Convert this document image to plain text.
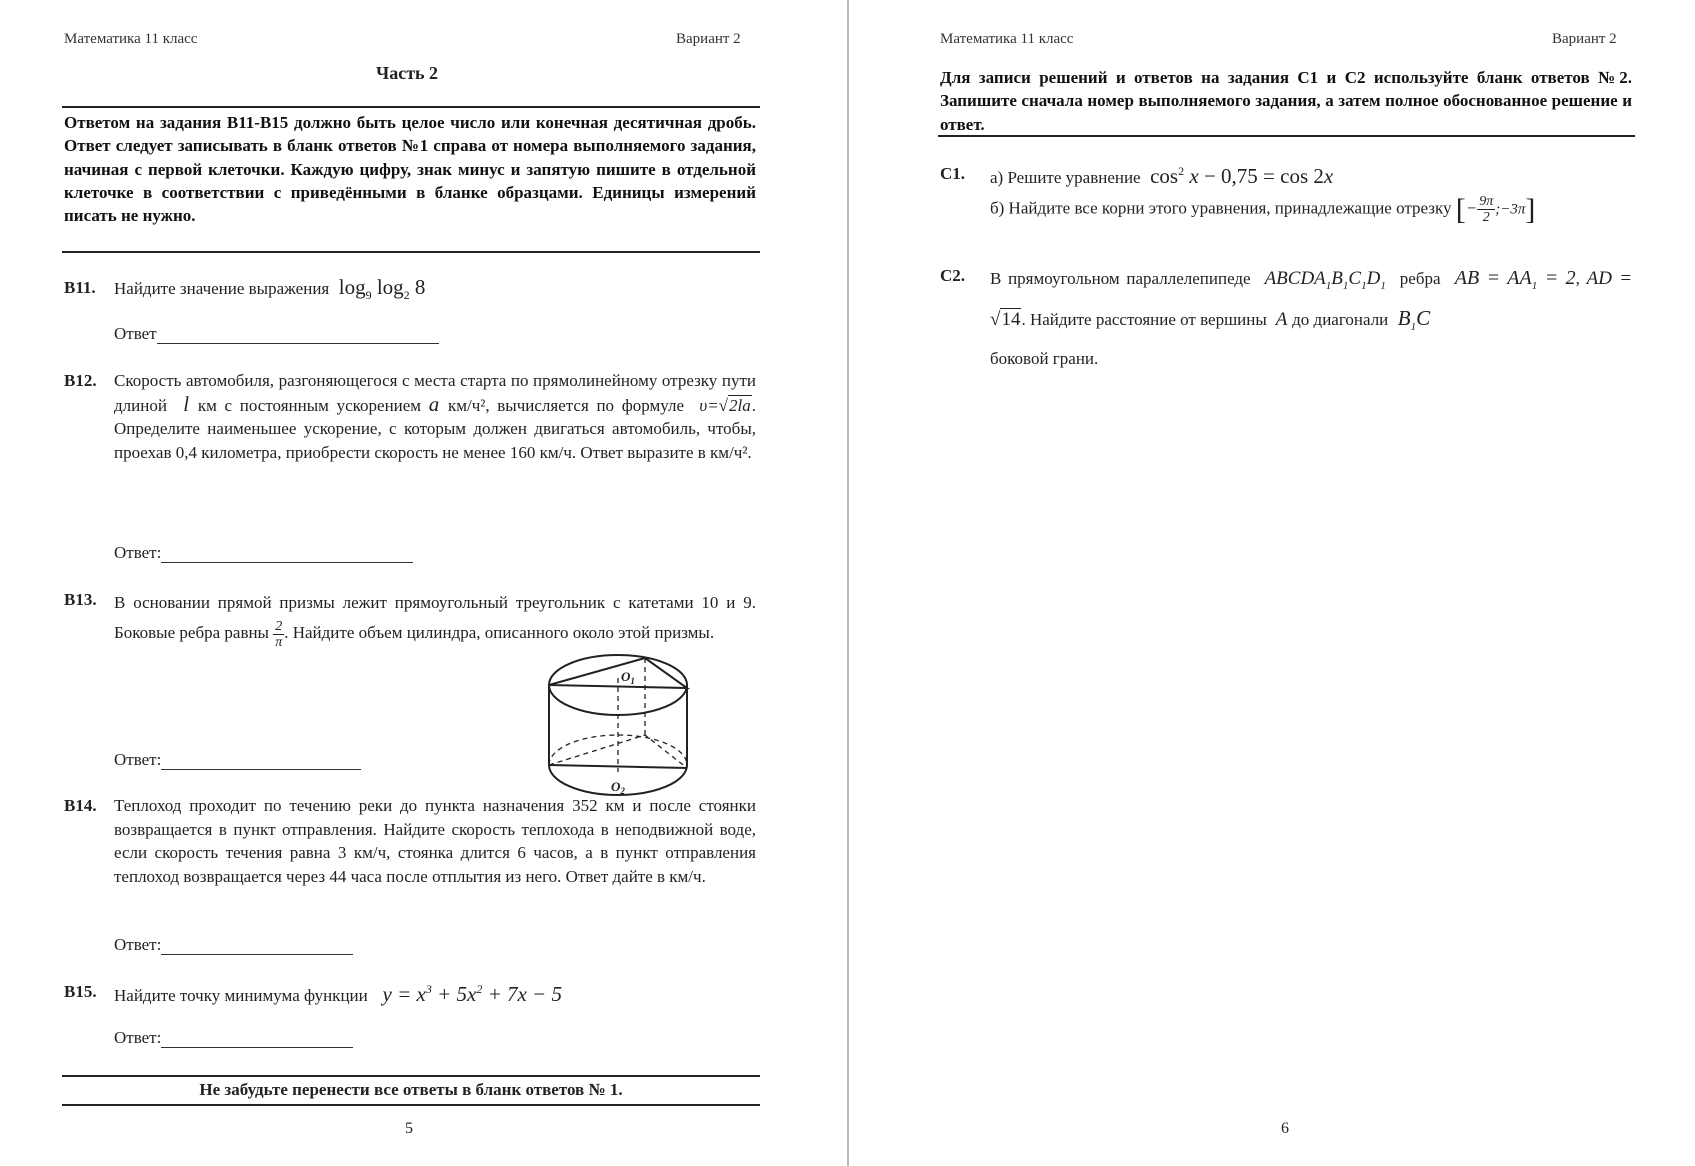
Математика 11 класс	Вариант 2
Часть 2
Ответом на задания В11-В15 должно быть целое число или конечная десятичная дробь. Ответ следует записывать в бланк ответов №1 справа от номера выполняемого задания, начиная с первой клеточки. Каждую цифру, знак минус и запятую пишите в отдельной клеточке в соответствии с приведёнными в бланке образцами. Единицы измерений писать не нужно.
B11. Найдите значение выражения  $\log_9 \log_2 8$
Ответ
B12. Скорость автомобиля, разгоняющегося с места старта по прямолинейному отрезку пути длиной  l км с постоянным ускорением a км/ч², вычисляется по формуле  υ=√2la. Определите наименьшее ускорение, с которым должен двигаться автомобиль, чтобы, проехав 0,4 километра, приобрести скорость не менее 160 км/ч. Ответ выразите в км/ч².
Ответ:
B13. В основании прямой призмы лежит прямоугольный треугольник с катетами 10 и 9. Боковые ребра равны $\frac{2}{\pi}$ . Найдите объем цилиндра, описанного около этой призмы.
Ответ:
$O_1$
$O_2$
B14. Теплоход проходит по течению реки до пункта назначения 352 км и после стоянки возвращается в пункт отправления. Найдите скорость теплохода в неподвижной воде, если скорость течения равна 3 км/ч, стоянка длится 6 часов, а в пункт отправления теплоход возвращается через 44 часа после отплытия из него. Ответ дайте в км/ч.
Ответ:
B15. Найдите точку минимума функции   $y = x^3 + 5x^2 + 7x - 5$
Ответ:
Не забудьте перенести все ответы в бланк ответов № 1.
5
Математика 11 класс	Вариант 2
Для записи решений и ответов на задания С1 и С2 используйте бланк ответов №2. Запишите сначала номер выполняемого задания, а затем полное обоснованное решение и ответ.
C1. а) Решите уравнение  $\cos^2 x - 0,75 = \cos 2x$
б) Найдите все корни этого уравнения, принадлежащие отрезку [− $\frac{9\pi}{2}$ ;−3π]
C2. В прямоугольном параллелепипеде  $ABCDA_1B_1C_1D_1$ ребра  AB = $AA_1 = 2$, AD = √14. Найдите расстояние от вершины  A до диагонали  $B_1C$
боковой грани.
6
